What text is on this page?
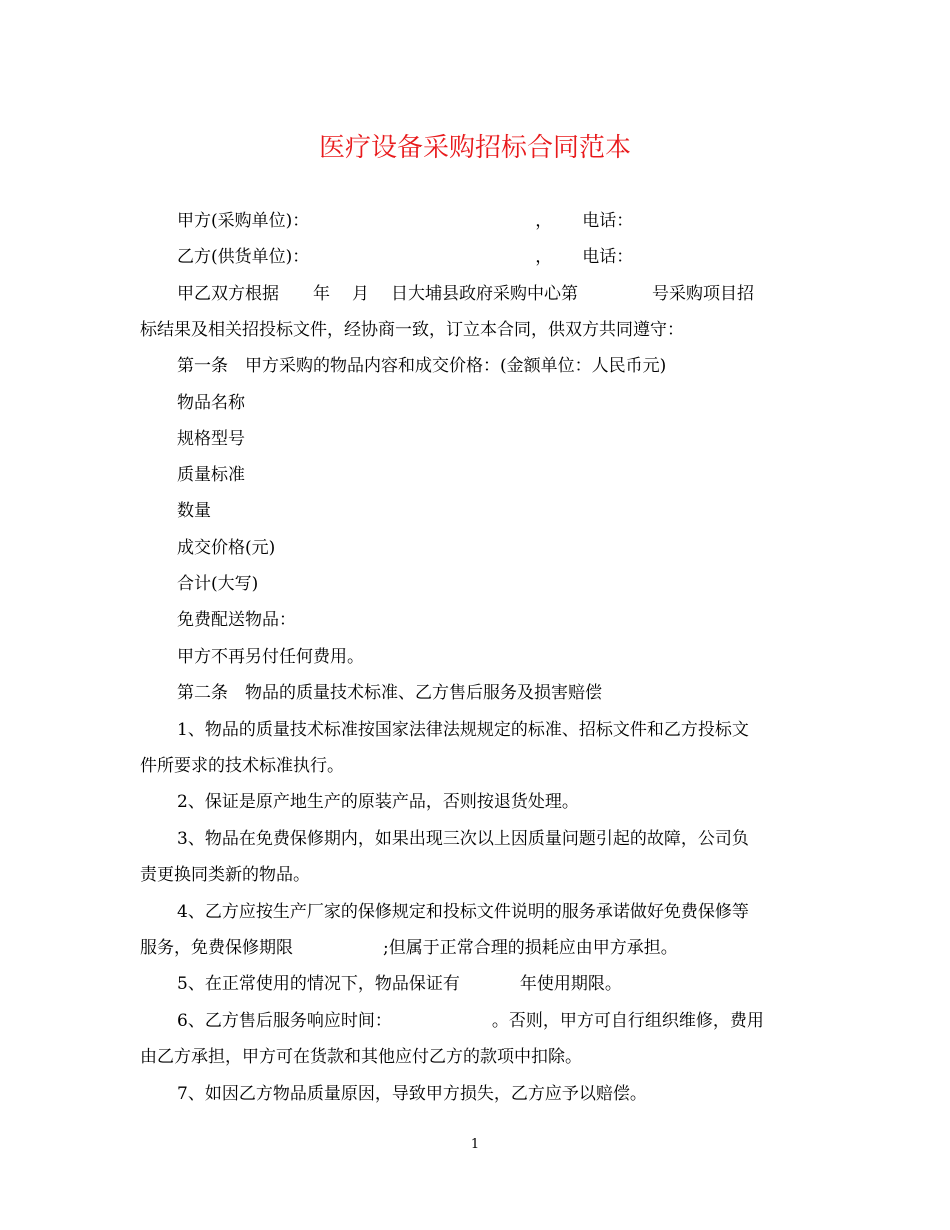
医疗设备采购招标合同范本
甲方(采购单位)：	， 电话：
乙方(供货单位)：	， 电话：
甲乙双方根据 年 月 日大埔县政府采购中心第	号采购项目招
标结果及相关招投标文件，经协商一致，订立本合同，供双方共同遵守：
第一条　甲方采购的物品内容和成交价格：(金额单位：人民币元)
物品名称
规格型号
质量标准
数量
成交价格(元)
合计(大写)
免费配送物品：
甲方不再另付任何费用。
第二条　物品的质量技术标准、乙方售后服务及损害赔偿
1、物品的质量技术标准按国家法律法规规定的标准、招标文件和乙方投标文
件所要求的技术标准执行。
2、保证是原产地生产的原装产品，否则按退货处理。
3、物品在免费保修期内，如果出现三次以上因质量问题引起的故障，公司负
责更换同类新的物品。
4、乙方应按生产厂家的保修规定和投标文件说明的服务承诺做好免费保修等
服务，免费保修期限	;但属于正常合理的损耗应由甲方承担。
5、在正常使用的情况下，物品保证有	年使用期限。
6、乙方售后服务响应时间：	。否则，甲方可自行组织维修，费用
由乙方承担，甲方可在货款和其他应付乙方的款项中扣除。
7、如因乙方物品质量原因，导致甲方损失，乙方应予以赔偿。
1
